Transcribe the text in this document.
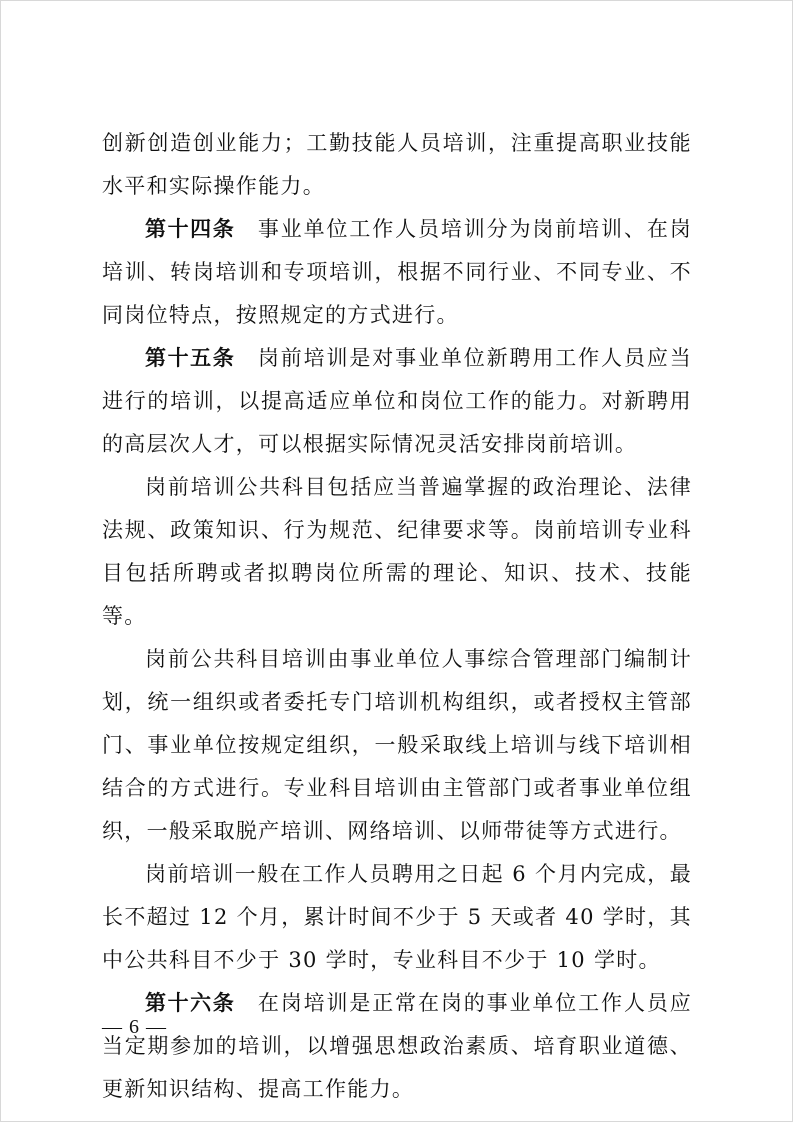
创新创造创业能力；工勤技能人员培训，注重提高职业技能水平和实际操作能力。

第十四条 事业单位工作人员培训分为岗前培训、在岗培训、转岗培训和专项培训，根据不同行业、不同专业、不同岗位特点，按照规定的方式进行。

第十五条 岗前培训是对事业单位新聘用工作人员应当进行的培训，以提高适应单位和岗位工作的能力。对新聘用的高层次人才，可以根据实际情况灵活安排岗前培训。

岗前培训公共科目包括应当普遍掌握的政治理论、法律法规、政策知识、行为规范、纪律要求等。岗前培训专业科目包括所聘或者拟聘岗位所需的理论、知识、技术、技能等。

岗前公共科目培训由事业单位人事综合管理部门编制计划，统一组织或者委托专门培训机构组织，或者授权主管部门、事业单位按规定组织，一般采取线上培训与线下培训相结合的方式进行。专业科目培训由主管部门或者事业单位组织，一般采取脱产培训、网络培训、以师带徒等方式进行。

岗前培训一般在工作人员聘用之日起 6 个月内完成，最长不超过 12 个月，累计时间不少于 5 天或者 40 学时，其中公共科目不少于 30 学时，专业科目不少于 10 学时。

第十六条 在岗培训是正常在岗的事业单位工作人员应当定期参加的培训，以增强思想政治素质、培育职业道德、更新知识结构、提高工作能力。

— 6 —
